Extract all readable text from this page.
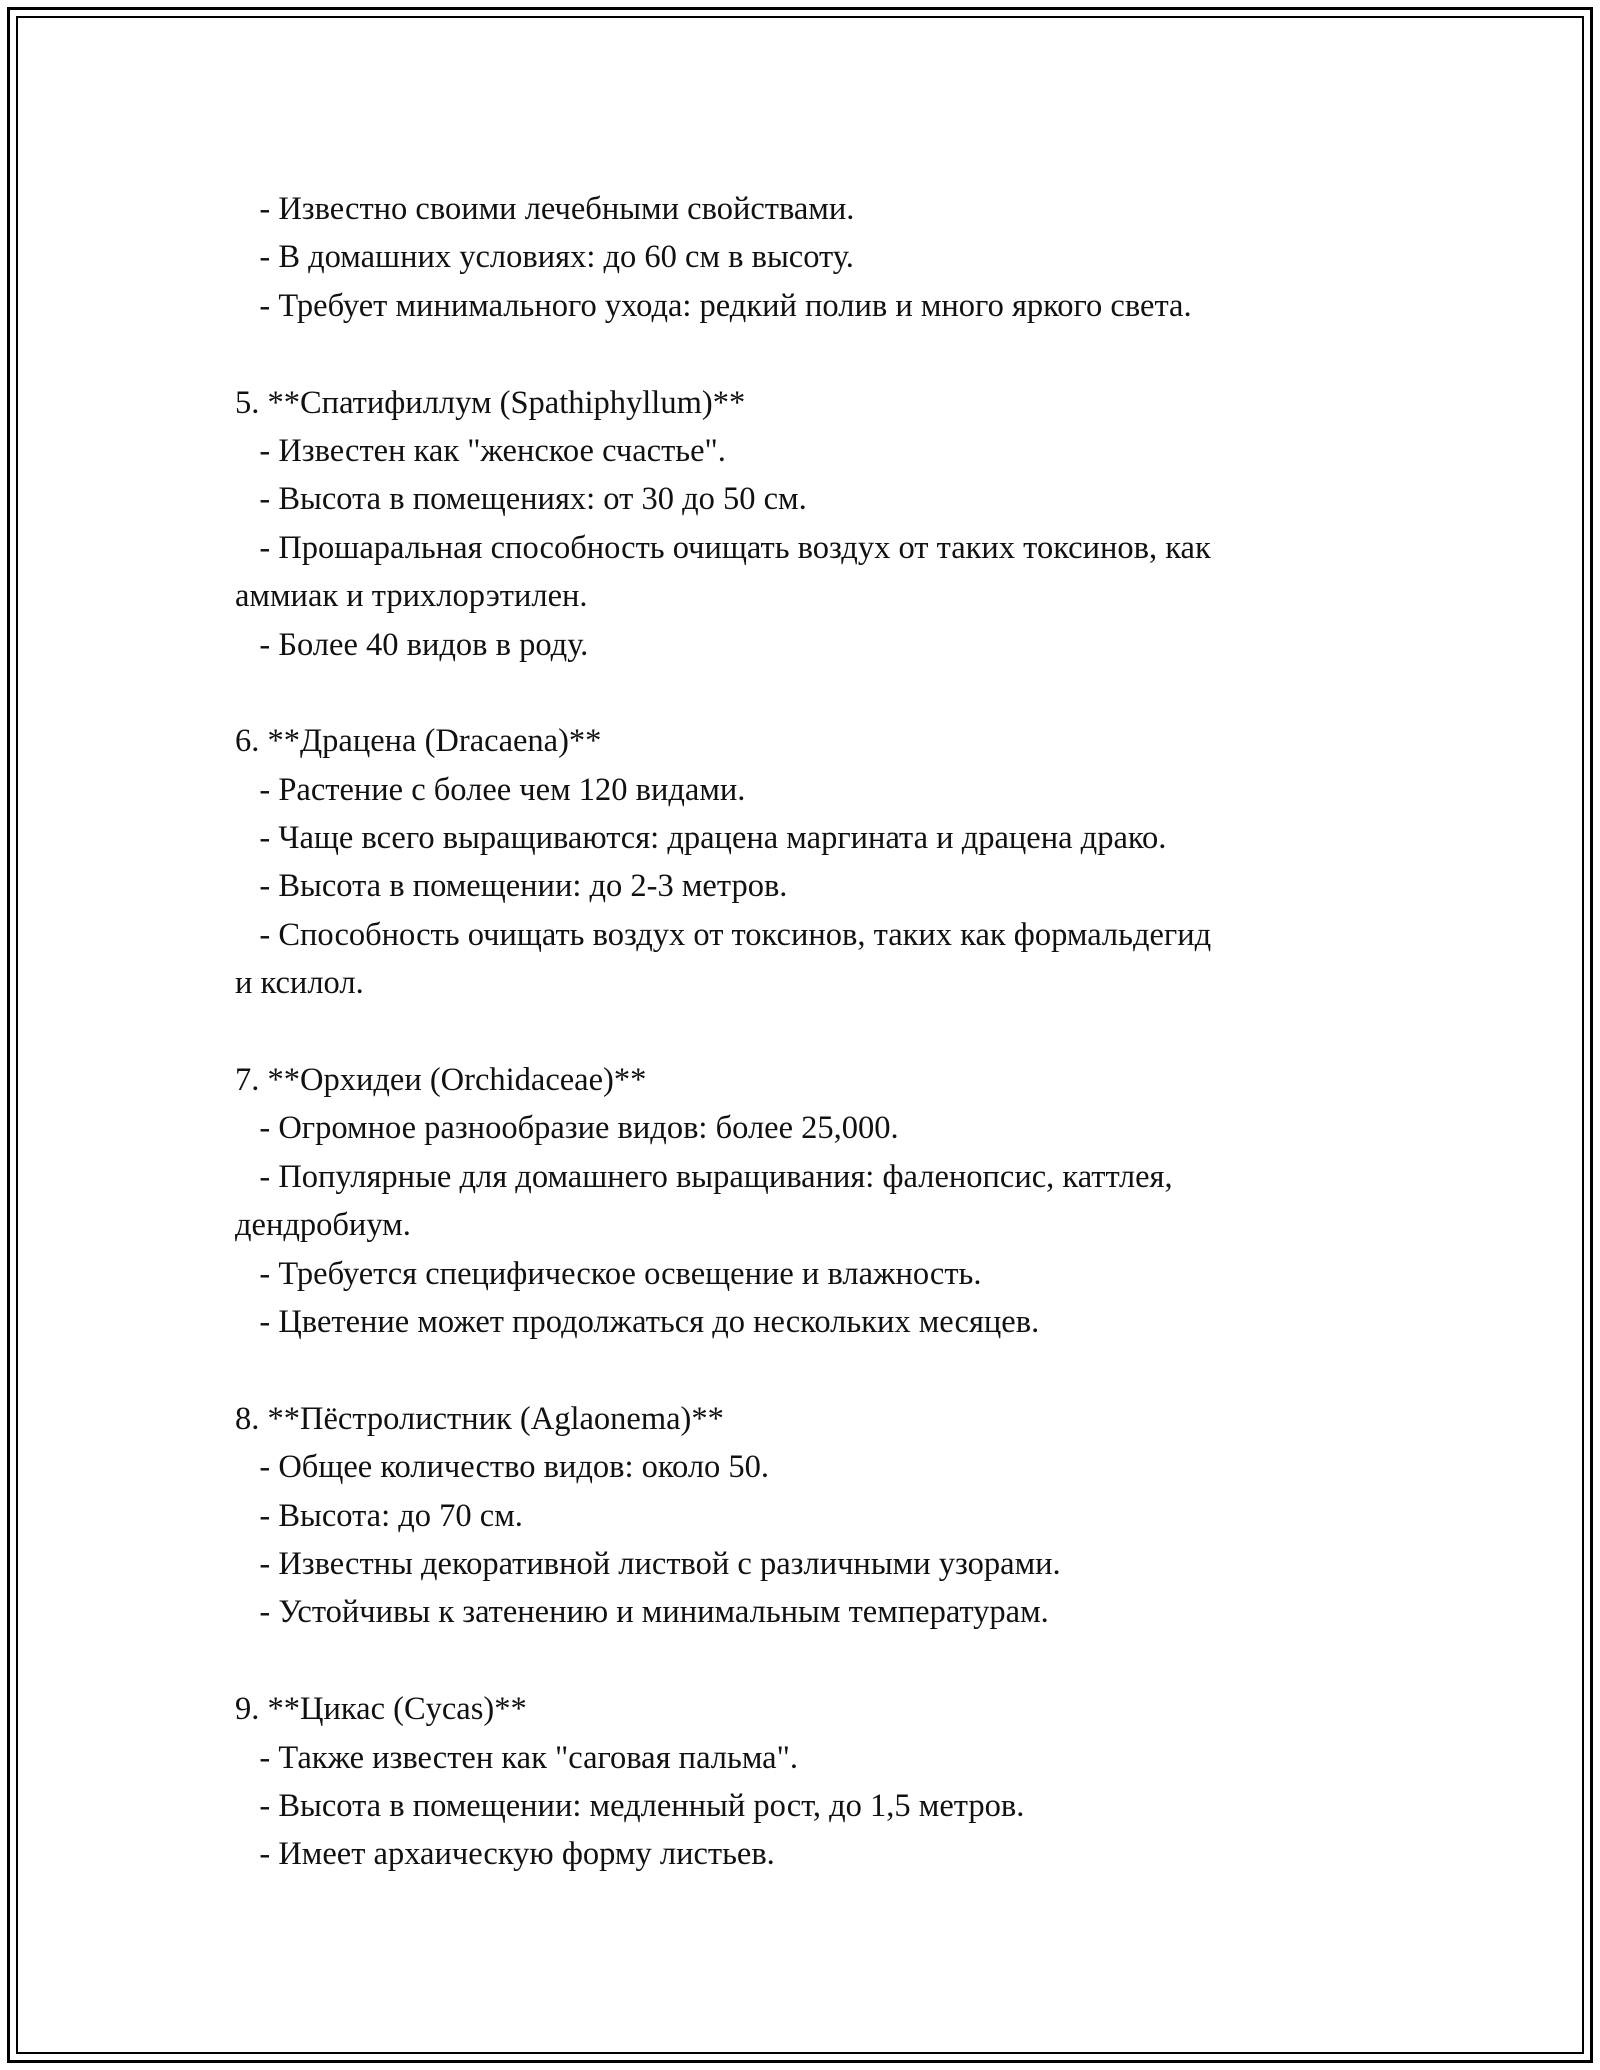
- Известно своими лечебными свойствами.
- В домашних условиях: до 60 см в высоту.
- Требует минимального ухода: редкий полив и много яркого света.
5. **Спатифиллум (Spathiphyllum)**
- Известен как "женское счастье".
- Высота в помещениях: от 30 до 50 см.
- Прошаральная способность очищать воздух от таких токсинов, как
аммиак и трихлорэтилен.
- Более 40 видов в роду.
6. **Драцена (Dracaena)**
- Растение с более чем 120 видами.
- Чаще всего выращиваются: драцена маргината и драцена драко.
- Высота в помещении: до 2-3 метров.
- Способность очищать воздух от токсинов, таких как формальдегид
и ксилол.
7. **Орхидеи (Orchidaceae)**
- Огромное разнообразие видов: более 25,000.
- Популярные для домашнего выращивания: фаленопсис, каттлея,
дендробиум.
- Требуется специфическое освещение и влажность.
- Цветение может продолжаться до нескольких месяцев.
8. **Пёстролистник (Aglaonema)**
- Общее количество видов: около 50.
- Высота: до 70 см.
- Известны декоративной листвой с различными узорами.
- Устойчивы к затенению и минимальным температурам.
9. **Цикас (Cycas)**
- Также известен как "саговая пальма".
- Высота в помещении: медленный рост, до 1,5 метров.
- Имеет архаическую форму листьев.
